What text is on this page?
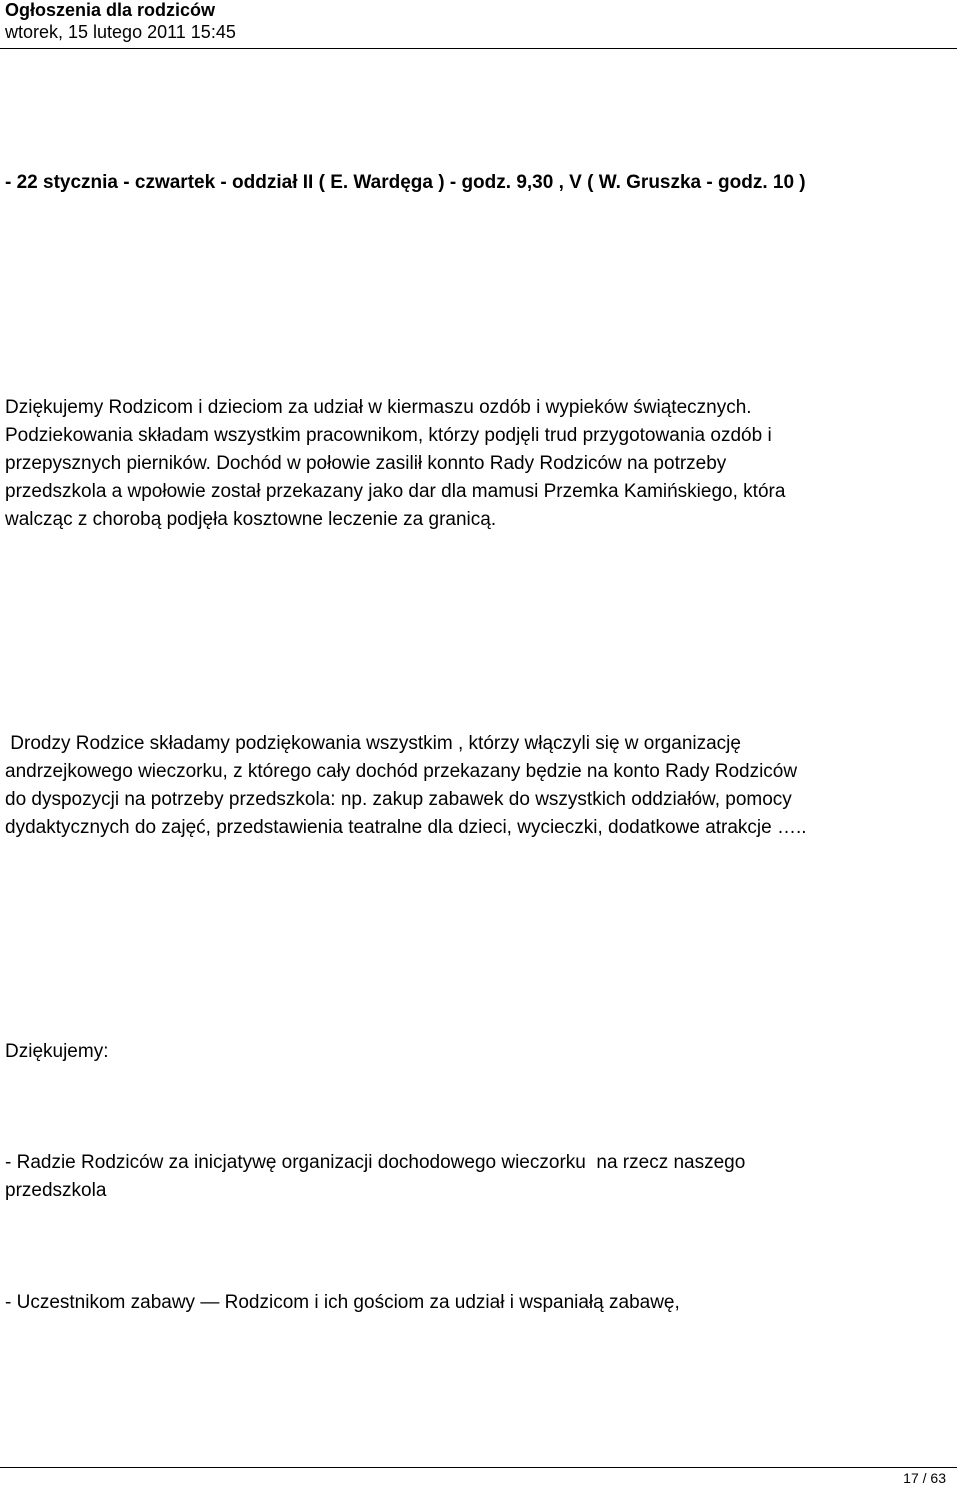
Ogłoszenia dla rodziców
wtorek, 15 lutego 2011 15:45
- 22 stycznia - czwartek - oddział II ( E. Wardęga ) - godz. 9,30 , V ( W. Gruszka - godz. 10 )
Dziękujemy Rodzicom i dzieciom za udział w kiermaszu ozdób i wypieków świątecznych.
Podziekowania składam wszystkim pracownikom, którzy podjęli trud przygotowania ozdób i
przepysznych pierników. Dochód w połowie zasilił konnto Rady Rodziców na potrzeby
przedszkola a wpołowie został przekazany jako dar dla mamusi Przemka Kamińskiego, która
walcząc z chorobą podjęła kosztowne leczenie za granicą.
Drodzy Rodzice składamy podziękowania wszystkim , którzy włączyli się w organizację
andrzejkowego wieczorku, z którego cały dochód przekazany będzie na konto Rady Rodziców
do dyspozycji na potrzeby przedszkola: np. zakup zabawek do wszystkich oddziałów, pomocy
dydaktycznych do zajęć, przedstawienia teatralne dla dzieci, wycieczki, dodatkowe atrakcje …..
Dziękujemy:
- Radzie Rodziców za inicjatywę organizacji dochodowego wieczorku  na rzecz naszego
przedszkola
- Uczestnikom zabawy — Rodzicom i ich gościom za udział i wspaniałą zabawę,
17 / 63
